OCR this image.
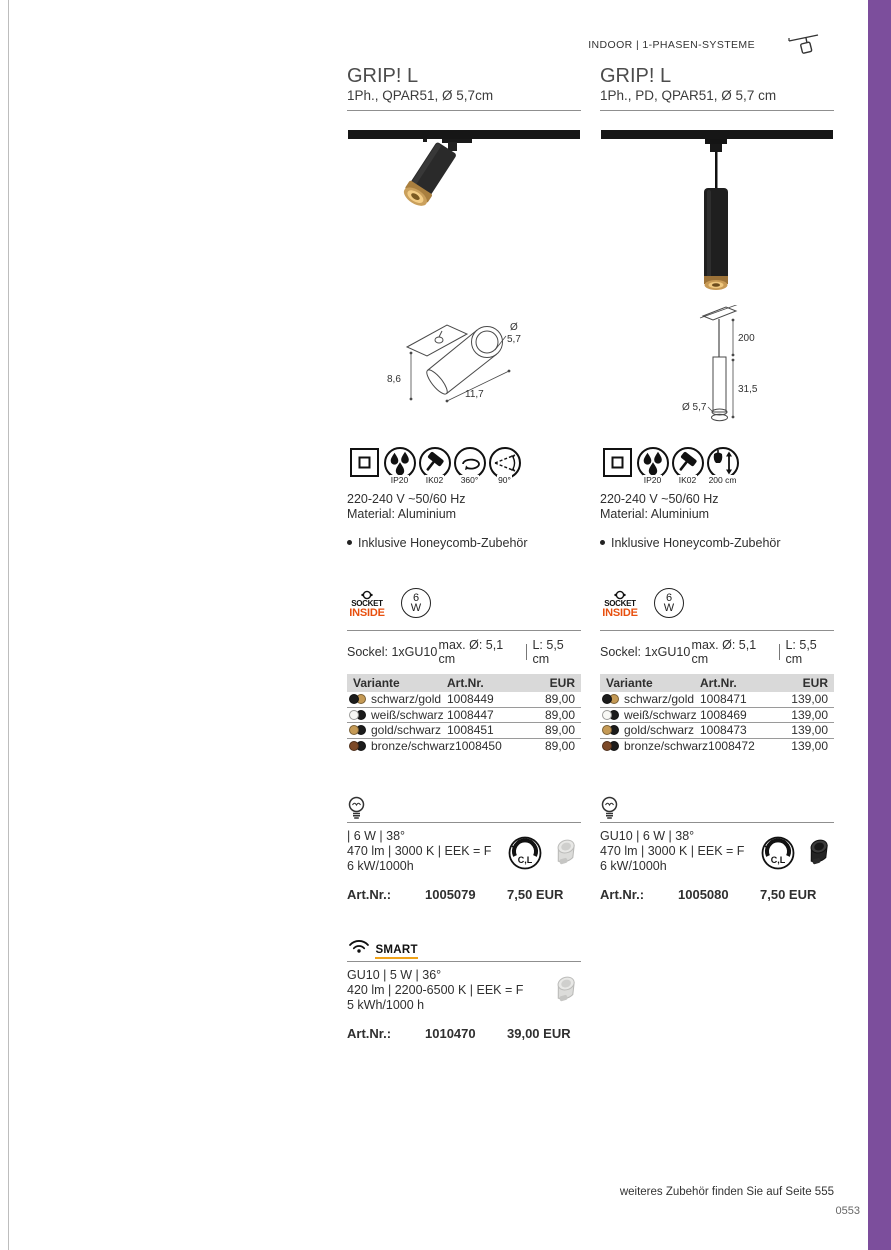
INDOOR | 1-PHASEN-SYSTEME
GRIP! L
1Ph., QPAR51, Ø 5,7cm
8,6
11,7
Ø
5,7
IP20 IK02 360° 90°
220-240 V ~50/60 Hz
Material: Aluminium
Inklusive Honeycomb-Zubehör
SOCKET
INSIDE
6
W
Sockel: 1xGU10 max. Ø: 5,1 cm
L: 5,5 cm
Variante	Art.Nr.	EUR
schwarz/gold 1008449	89,00
weiß/schwarz 1008447	89,00
gold/schwarz 1008451	89,00
bronze/schwarz 1008450	89,00
| 6 W | 38°
470 lm | 3000 K | EEK = F
6 kW/1000h	C,L
Art.Nr.:	1005079	7,50 EUR
SMART
GU10 | 5 W | 36°
420 lm | 2200-6500 K | EEK = F
5 kWh/1000 h
Art.Nr.:	1010470	39,00 EUR
GRIP! L
1Ph., PD, QPAR51, Ø 5,7 cm
200
31,5
Ø 5,7
IP20 IK02 200 cm
220-240 V ~50/60 Hz
Material: Aluminium
Inklusive Honeycomb-Zubehör
SOCKET
INSIDE
6
W
Sockel: 1xGU10 max. Ø: 5,1 cm
L: 5,5 cm
Variante	Art.Nr.	EUR
schwarz/gold 1008471	139,00
weiß/schwarz 1008469	139,00
gold/schwarz 1008473	139,00
bronze/schwarz 1008472	139,00
GU10 | 6 W | 38°
470 lm | 3000 K | EEK = F
6 kW/1000h	C,L
Art.Nr.:	1005080	7,50 EUR
weiteres Zubehör finden Sie auf Seite 555
0553
